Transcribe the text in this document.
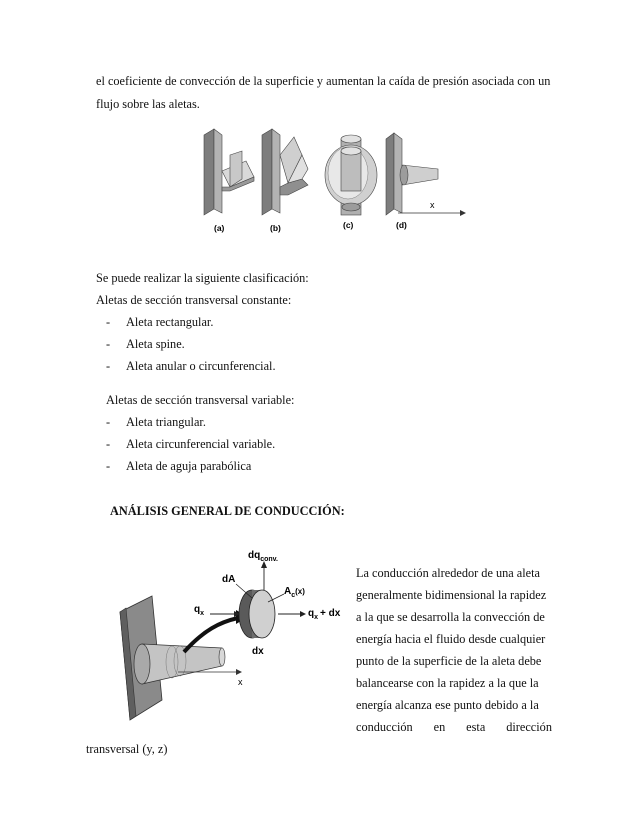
el coeficiente de convección de la superficie y aumentan la caída de presión asociada con un
flujo sobre las aletas.
x
(a)	(b)	(c)	(d)
Se puede realizar la siguiente clasificación:
Aletas de sección transversal constante:
- Aleta rectangular.
- Aleta spine.
- Aleta anular o circunferencial.
Aletas de sección transversal variable:
- Aleta triangular.
- Aleta circunferencial variable.
- Aleta de aguja parabólica
ANÁLISIS GENERAL DE CONDUCCIÓN:
x
$q_x$	$q_x$ + dx
$dq_{conv.}$
dA
$A_c^{(x)}$
dx
La conducción alrededor de una aleta
generalmente bidimensional la rapidez
a la que se desarrolla la convección de
energía hacia el fluido desde cualquier
punto de la superficie de la aleta debe
balancearse con la rapidez a la que la
energía alcanza ese punto debido a la
conducción en esta dirección
transversal (y, z)
